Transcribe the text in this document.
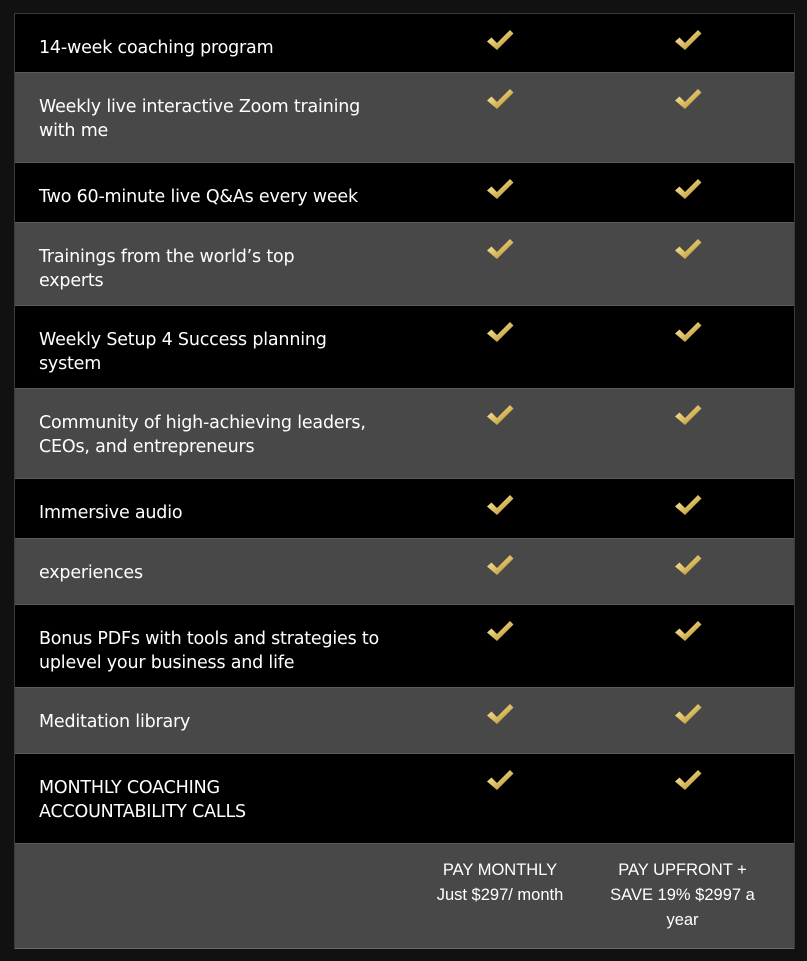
14-week coaching program
Weekly live interactive Zoom training with me
Two 60-minute live Q&As every week
Trainings from the world’s top experts
Weekly Setup 4 Success planning system
Community of high-achieving leaders, CEOs, and entrepreneurs
Immersive audio
experiences
Bonus PDFs with tools and strategies to uplevel your business and life
Meditation library
MONTHLY COACHING ACCOUNTABILITY CALLS
PAY MONTHLY
Just $297/ month
PAY UPFRONT +
SAVE 19% $2997 a
year
